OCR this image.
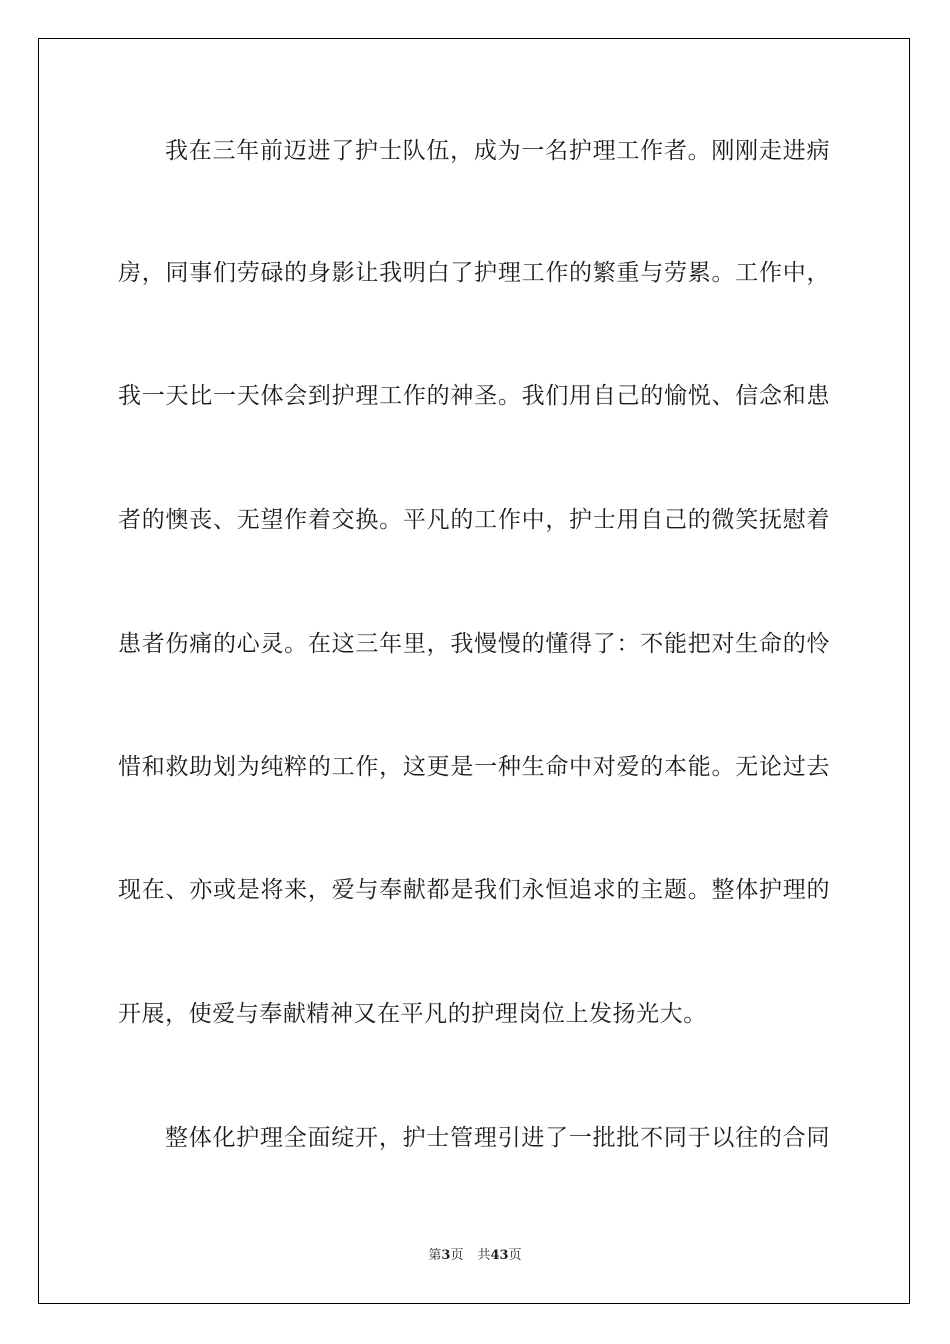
我在三年前迈进了护士队伍，成为一名护理工作者。刚刚走进病
房，同事们劳碌的身影让我明白了护理工作的繁重与劳累。工作中，
我一天比一天体会到护理工作的神圣。我们用自己的愉悦、信念和患
者的懊丧、无望作着交换。平凡的工作中，护士用自己的微笑抚慰着
患者伤痛的心灵。在这三年里，我慢慢的懂得了：不能把对生命的怜
惜和救助划为纯粹的工作，这更是一种生命中对爱的本能。无论过去
现在、亦或是将来，爱与奉献都是我们永恒追求的主题。整体护理的
开展，使爱与奉献精神又在平凡的护理岗位上发扬光大。
整体化护理全面绽开，护士管理引进了一批批不同于以往的合同
第3页 共43页
